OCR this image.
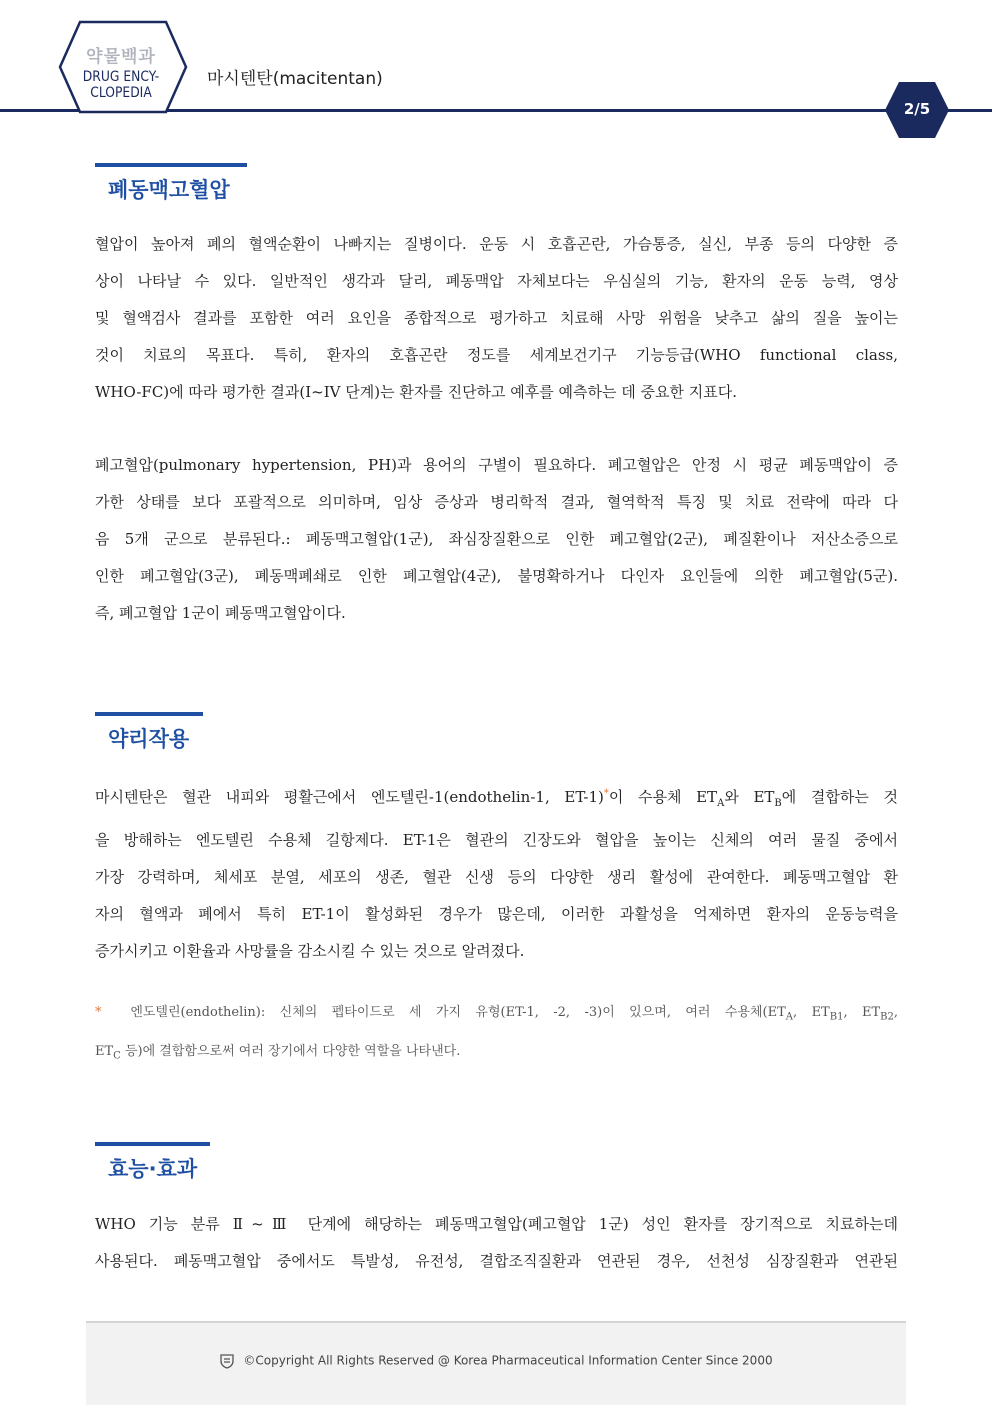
약물백과
DRUG ENCY-
CLOPEDIA
마시텐탄(macitentan)
2/5
폐동맥고혈압
혈압이 높아져 폐의 혈액순환이 나빠지는 질병이다. 운동 시 호흡곤란, 가슴통증, 실신, 부종 등의 다양한 증
상이 나타날 수 있다. 일반적인 생각과 달리, 폐동맥압 자체보다는 우심실의 기능, 환자의 운동 능력, 영상
및 혈액검사 결과를 포함한 여러 요인을 종합적으로 평가하고 치료해 사망 위험을 낮추고 삶의 질을 높이는
것이 치료의 목표다. 특히, 환자의 호흡곤란 정도를 세계보건기구 기능등급(WHO functional class,
WHO-FC)에 따라 평가한 결과(I~IV 단계)는 환자를 진단하고 예후를 예측하는 데 중요한 지표다.
폐고혈압(pulmonary hypertension, PH)과 용어의 구별이 필요하다. 폐고혈압은 안정 시 평균 폐동맥압이 증
가한 상태를 보다 포괄적으로 의미하며, 임상 증상과 병리학적 결과, 혈역학적 특징 및 치료 전략에 따라 다
음 5개 군으로 분류된다.: 폐동맥고혈압(1군), 좌심장질환으로 인한 폐고혈압(2군), 폐질환이나 저산소증으로
인한 폐고혈압(3군), 폐동맥폐쇄로 인한 폐고혈압(4군), 불명확하거나 다인자 요인들에 의한 폐고혈압(5군).
즉, 폐고혈압 1군이 폐동맥고혈압이다.
약리작용
마시텐탄은 혈관 내피와 평활근에서 엔도텔린-1(endothelin-1, ET-1)*이 수용체 $ET_A$와 $ET_B$에 결합하는 것
을 방해하는 엔도텔린 수용체 길항제다. ET-1은 혈관의 긴장도와 혈압을 높이는 신체의 여러 물질 중에서
가장 강력하며, 체세포 분열, 세포의 생존, 혈관 신생 등의 다양한 생리 활성에 관여한다. 폐동맥고혈압 환
자의 혈액과 폐에서 특히 ET-1이 활성화된 경우가 많은데, 이러한 과활성을 억제하면 환자의 운동능력을
증가시키고 이환율과 사망률을 감소시킬 수 있는 것으로 알려졌다.
* 엔도텔린(endothelin): 신체의 펩타이드로 세 가지 유형(ET-1, -2, -3)이 있으며, 여러 수용체($ET_A$, $ET_{B1}$, $ET_{B2}$,
$ET_C$ 등)에 결합함으로써 여러 장기에서 다양한 역할을 나타낸다.
효능·효과
WHO 기능 분류 Ⅱ~Ⅲ 단계에 해당하는 폐동맥고혈압(폐고혈압 1군) 성인 환자를 장기적으로 치료하는데
사용된다. 폐동맥고혈압 중에서도 특발성, 유전성, 결합조직질환과 연관된 경우, 선천성 심장질환과 연관된
©Copyright All Rights Reserved @ Korea Pharmaceutical Information Center Since 2000
